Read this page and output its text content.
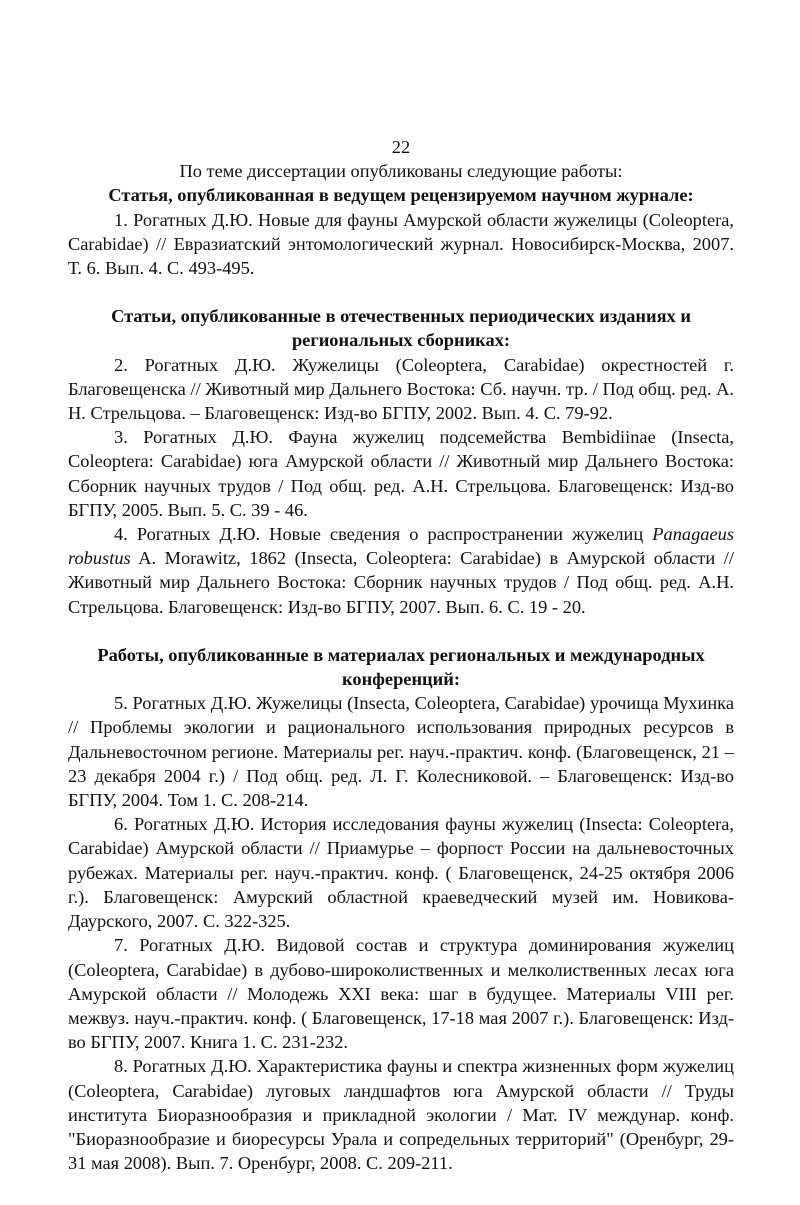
22

По теме диссертации опубликованы следующие работы:

Статья, опубликованная в ведущем рецензируемом научном журнале:

1. Рогатных Д.Ю. Новые для фауны Амурской области жужелицы (Coleoptera, Carabidae) // Евразиатский энтомологический журнал. Новосибирск-Москва, 2007. Т. 6. Вып. 4. С. 493-495.

Статьи, опубликованные в отечественных периодических изданиях и региональных сборниках:

2. Рогатных Д.Ю. Жужелицы (Coleoptera, Carabidae) окрестностей г. Благовещенска // Животный мир Дальнего Востока: Сб. научн. тр. / Под общ. ред. А. Н. Стрельцова. – Благовещенск: Изд-во БГПУ, 2002. Вып. 4. С. 79-92.

3. Рогатных Д.Ю. Фауна жужелиц подсемейства Bembidiinae (Insecta, Coleoptera: Carabidae) юга Амурской области // Животный мир Дальнего Востока: Сборник научных трудов / Под общ. ред. А.Н. Стрельцова. Благовещенск: Изд-во БГПУ, 2005. Вып. 5. С. 39 - 46.

4. Рогатных Д.Ю. Новые сведения о распространении жужелиц Panagaeus robustus A. Morawitz, 1862 (Insecta, Coleoptera: Carabidae) в Амурской области // Животный мир Дальнего Востока: Сборник научных трудов / Под общ. ред. А.Н. Стрельцова. Благовещенск: Изд-во БГПУ, 2007. Вып. 6. С. 19 - 20.

Работы, опубликованные в материалах региональных и международных конференций:

5. Рогатных Д.Ю. Жужелицы (Insecta, Coleoptera, Carabidae) урочища Мухинка // Проблемы экологии и рационального использования природных ресурсов в Дальневосточном регионе. Материалы рег. науч.-практич. конф. (Благовещенск, 21 – 23 декабря 2004 г.) / Под общ. ред. Л. Г. Колесниковой. – Благовещенск: Изд-во БГПУ, 2004. Том 1. С. 208-214.

6. Рогатных Д.Ю. История исследования фауны жужелиц (Insecta: Coleoptera, Carabidae) Амурской области // Приамурье – форпост России на дальневосточных рубежах. Материалы рег. науч.-практич. конф. ( Благовещенск, 24-25 октября 2006 г.). Благовещенск: Амурский областной краеведческий музей им. Новикова-Даурского, 2007. С. 322-325.

7. Рогатных Д.Ю. Видовой состав и структура доминирования жужелиц (Coleoptera, Carabidae) в дубово-широколиственных и мелколиственных лесах юга Амурской области // Молодежь XXI века: шаг в будущее. Материалы VIII рег. межвуз. науч.-практич. конф. ( Благовещенск, 17-18 мая 2007 г.). Благовещенск: Изд-во БГПУ, 2007. Книга 1. С. 231-232.

8. Рогатных Д.Ю. Характеристика фауны и спектра жизненных форм жужелиц (Coleoptera, Carabidae) луговых ландшафтов юга Амурской области // Труды института Биоразнообразия и прикладной экологии / Мат. IV междунар. конф. "Биоразнообразие и биоресурсы Урала и сопредельных территорий" (Оренбург, 29-31 мая 2008). Вып. 7. Оренбург, 2008. С. 209-211.
